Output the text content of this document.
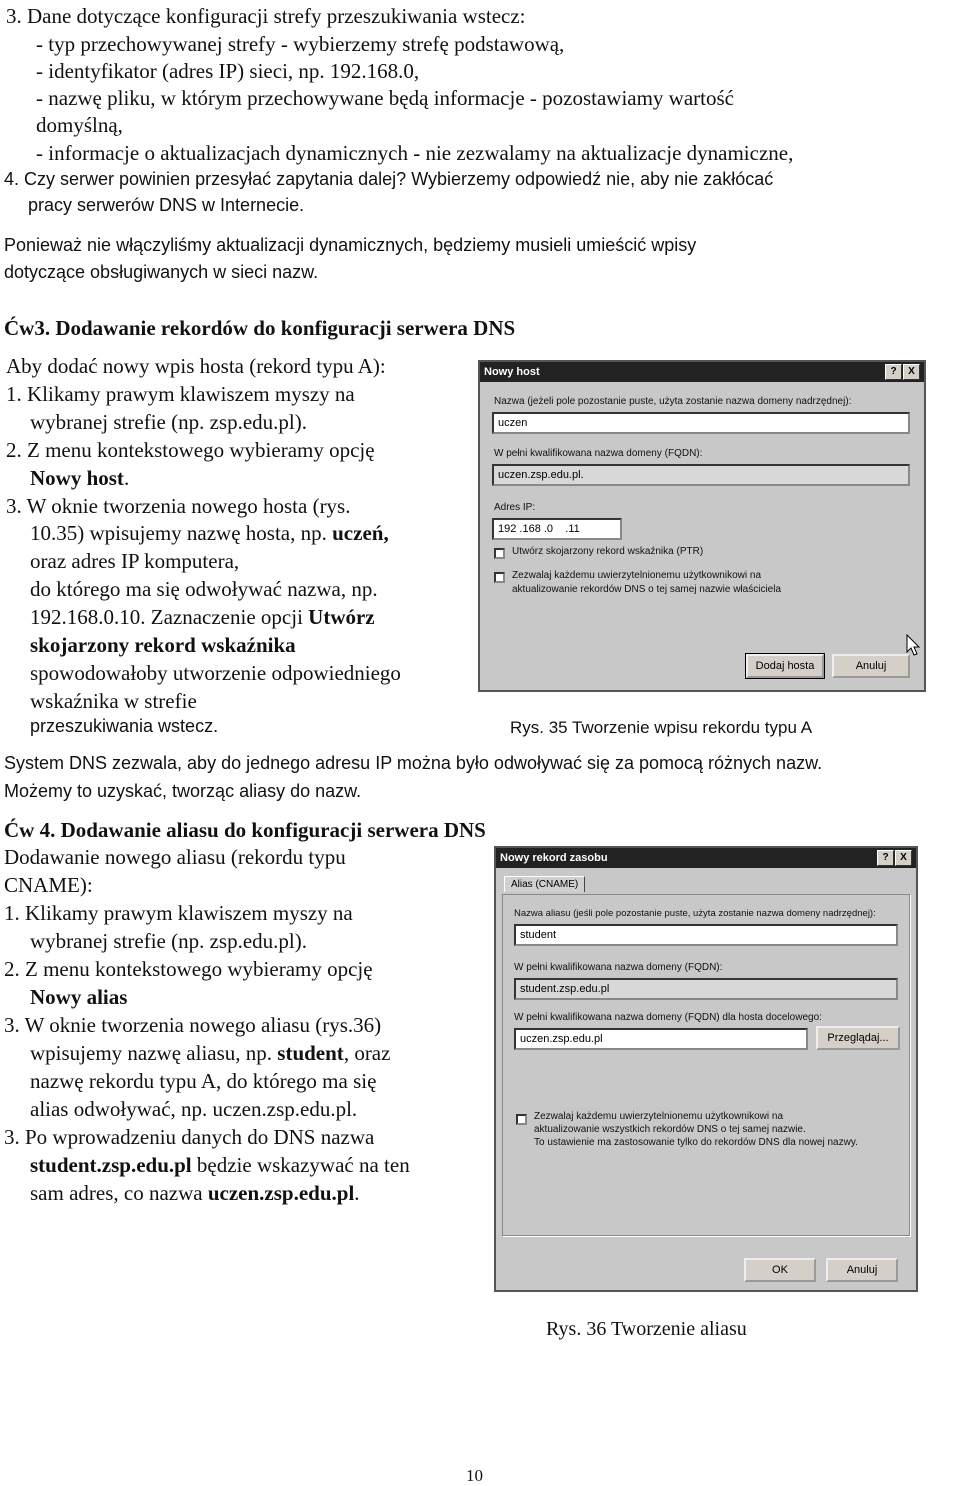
3. Dane dotyczące konfiguracji strefy przeszukiwania wstecz:
- typ przechowywanej strefy - wybierzemy strefę podstawową,
- identyfikator (adres IP) sieci, np. 192.168.0,
- nazwę pliku, w którym przechowywane będą informacje - pozostawiamy wartość
domyślną,
- informacje o aktualizacjach dynamicznych - nie zezwalamy na aktualizacje dynamiczne,
4. Czy serwer powinien przesyłać zapytania dalej? Wybierzemy odpowiedź nie, aby nie zakłócać
pracy serwerów DNS w Internecie.
Ponieważ nie włączyliśmy aktualizacji dynamicznych, będziemy musieli umieścić wpisy
dotyczące obsługiwanych w sieci nazw.
Ćw3. Dodawanie rekordów do konfiguracji serwera DNS
Aby dodać nowy wpis hosta (rekord typu A):
1. Klikamy prawym klawiszem myszy na
wybranej strefie (np. zsp.edu.pl).
2. Z menu kontekstowego wybieramy opcję
Nowy host.
3. W oknie tworzenia nowego hosta (rys.
10.35) wpisujemy nazwę hosta, np. uczeń,
oraz adres IP komputera,
do którego ma się odwoływać nazwa, np.
192.168.0.10. Zaznaczenie opcji Utwórz
skojarzony rekord wskaźnika
spowodowałoby utworzenie odpowiedniego
wskaźnika w strefie
przeszukiwania wstecz.	Rys. 35 Tworzenie wpisu rekordu typu A
Nowy host	?	X
Nazwa (jeżeli pole pozostanie puste, użyta zostanie nazwa domeny nadrzędnej):
uczen
W pełni kwalifikowana nazwa domeny (FQDN):
uczen.zsp.edu.pl.
Adres IP:
192 .168 .0    .11
Utwórz skojarzony rekord wskaźnika (PTR)
Zezwalaj każdemu uwierzytelnionemu użytkownikowi na
aktualizowanie rekordów DNS o tej samej nazwie właściciela
Dodaj hosta	Anuluj
System DNS zezwala, aby do jednego adresu IP można było odwoływać się za pomocą różnych nazw.
Możemy to uzyskać, tworząc aliasy do nazw.
Ćw 4. Dodawanie aliasu do konfiguracji serwera DNS
Dodawanie nowego aliasu (rekordu typu
CNAME):
1. Klikamy prawym klawiszem myszy na
wybranej strefie (np. zsp.edu.pl).
2. Z menu kontekstowego wybieramy opcję
Nowy alias
3. W oknie tworzenia nowego aliasu (rys.36)
wpisujemy nazwę aliasu, np. student, oraz
nazwę rekordu typu A, do którego ma się
alias odwoływać, np. uczen.zsp.edu.pl.
3. Po wprowadzeniu danych do DNS nazwa
student.zsp.edu.pl będzie wskazywać na ten
sam adres, co nazwa uczen.zsp.edu.pl.
Nowy rekord zasobu	?	X
Alias (CNAME)
Nazwa aliasu (jeśli pole pozostanie puste, użyta zostanie nazwa domeny nadrzędnej):
student
W pełni kwalifikowana nazwa domeny (FQDN):
student.zsp.edu.pl
W pełni kwalifikowana nazwa domeny (FQDN) dla hosta docelowego:
uczen.zsp.edu.pl	Przeglądaj...
Zezwalaj każdemu uwierzytelnionemu użytkownikowi na
aktualizowanie wszystkich rekordów DNS o tej samej nazwie.
To ustawienie ma zastosowanie tylko do rekordów DNS dla nowej nazwy.
OK	Anuluj
Rys. 36 Tworzenie aliasu
10
